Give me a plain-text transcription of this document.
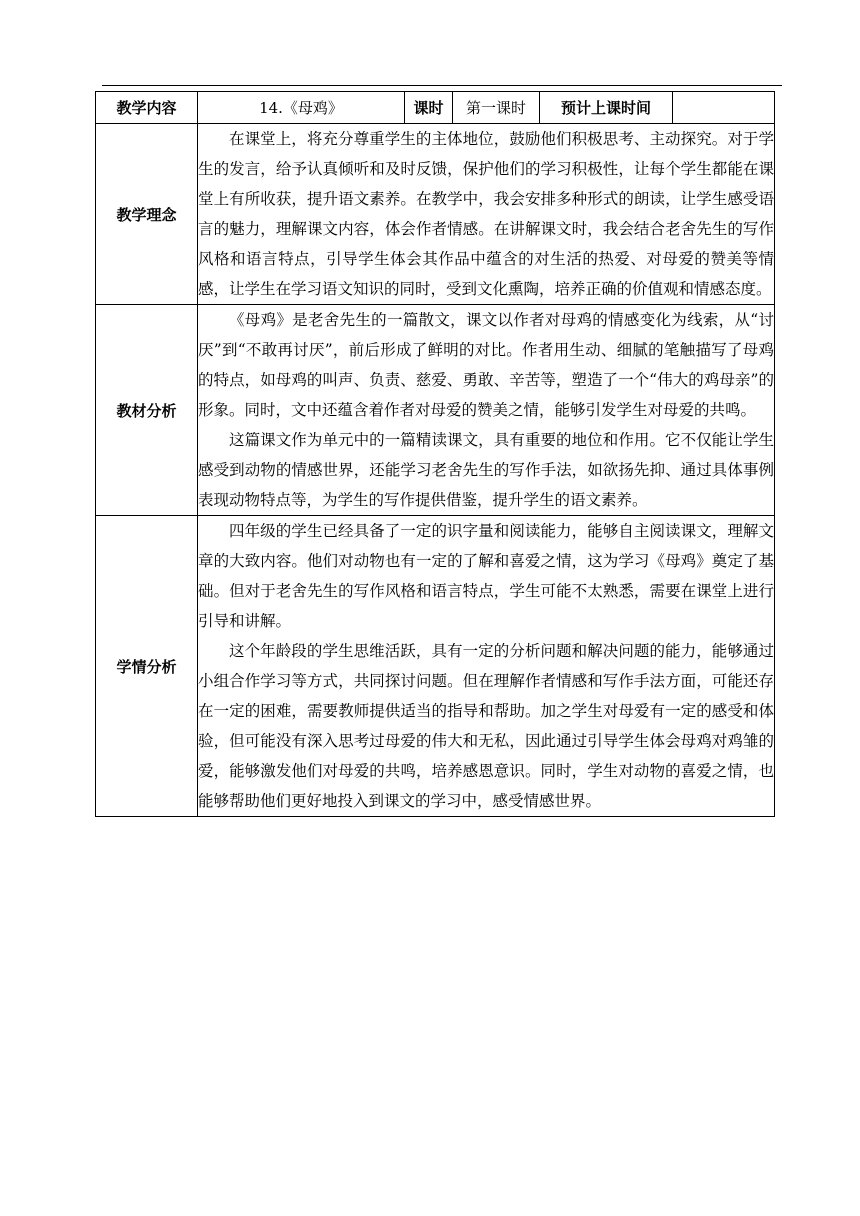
教学内容	14.《母鸡》	课时	第一课时	预计上课时间	
教学理念	在课堂上，将充分尊重学生的主体地位，鼓励他们积极思考、主动探究。对于学生的发言，给予认真倾听和及时反馈，保护他们的学习积极性，让每个学生都能在课堂上有所收获，提升语文素养。在教学中，我会安排多种形式的朗读，让学生感受语言的魅力，理解课文内容，体会作者情感。在讲解课文时，我会结合老舍先生的写作风格和语言特点，引导学生体会其作品中蕴含的对生活的热爱、对母爱的赞美等情感，让学生在学习语文知识的同时，受到文化熏陶，培养正确的价值观和情感态度。				

教材分析	《母鸡》是老舍先生的一篇散文，课文以作者对母鸡的情感变化为线索，从“讨厌”到“不敢再讨厌”，前后形成了鲜明的对比。作者用生动、细腻的笔触描写了母鸡的特点，如母鸡的叫声、负责、慈爱、勇敢、辛苦等，塑造了一个“伟大的鸡母亲”的形象。同时，文中还蕴含着作者对母爱的赞美之情，能够引发学生对母爱的共鸣。

这篇课文作为单元中的一篇精读课文，具有重要的地位和作用。它不仅能让学生感受到动物的情感世界，还能学习老舍先生的写作手法，如欲扬先抑、通过具体事例表现动物特点等，为学生的写作提供借鉴，提升学生的语文素养。				

学情分析	四年级的学生已经具备了一定的识字量和阅读能力，能够自主阅读课文，理解文章的大致内容。他们对动物也有一定的了解和喜爱之情，这为学习《母鸡》奠定了基础。但对于老舍先生的写作风格和语言特点，学生可能不太熟悉，需要在课堂上进行引导和讲解。

这个年龄段的学生思维活跃，具有一定的分析问题和解决问题的能力，能够通过小组合作学习等方式，共同探讨问题。但在理解作者情感和写作手法方面，可能还存在一定的困难，需要教师提供适当的指导和帮助。加之学生对母爱有一定的感受和体验，但可能没有深入思考过母爱的伟大和无私，因此通过引导学生体会母鸡对鸡雏的爱，能够激发他们对母爱的共鸣，培养感恩意识。同时，学生对动物的喜爱之情，也能够帮助他们更好地投入到课文的学习中，感受情感世界。				
